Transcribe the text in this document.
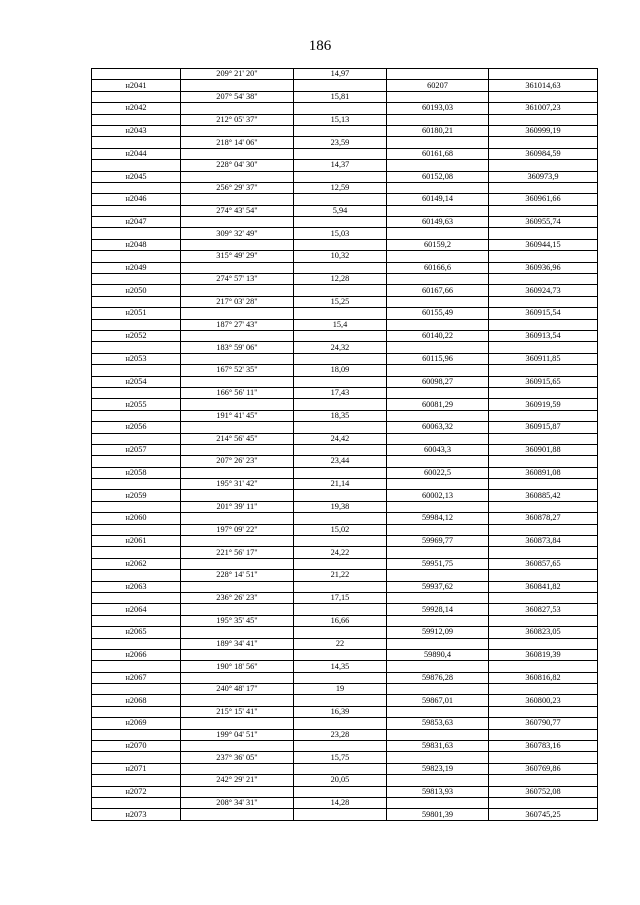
186
	209° 21' 20"	14,97		
н2041			60207	361014,63
	207° 54' 38"	15,81		
н2042			60193,03	361007,23
	212° 05' 37"	15,13		
н2043			60180,21	360999,19
	218° 14' 06"	23,59		
н2044			60161,68	360984,59
	228° 04' 30"	14,37		
н2045			60152,08	360973,9
	256° 29' 37"	12,59		
н2046			60149,14	360961,66
	274° 43' 54"	5,94		
н2047			60149,63	360955,74
	309° 32' 49"	15,03		
н2048			60159,2	360944,15
	315° 49' 29"	10,32		
н2049			60166,6	360936,96
	274° 57' 13"	12,28		
н2050			60167,66	360924,73
	217° 03' 28"	15,25		
н2051			60155,49	360915,54
	187° 27' 43"	15,4		
н2052			60140,22	360913,54
	183° 59' 06"	24,32		
н2053			60115,96	360911,85
	167° 52' 35"	18,09		
н2054			60098,27	360915,65
	166° 56' 11"	17,43		
н2055			60081,29	360919,59
	191° 41' 45"	18,35		
н2056			60063,32	360915,87
	214° 56' 45"	24,42		
н2057			60043,3	360901,88
	207° 26' 23"	23,44		
н2058			60022,5	360891,08
	195° 31' 42"	21,14		
н2059			60002,13	360885,42
	201° 39' 11"	19,38		
н2060			59984,12	360878,27
	197° 09' 22"	15,02		
н2061			59969,77	360873,84
	221° 56' 17"	24,22		
н2062			59951,75	360857,65
	228° 14' 51"	21,22		
н2063			59937,62	360841,82
	236° 26' 23"	17,15		
н2064			59928,14	360827,53
	195° 35' 45"	16,66		
н2065			59912,09	360823,05
	189° 34' 41"	22		
н2066			59890,4	360819,39
	190° 18' 56"	14,35		
н2067			59876,28	360816,82
	240° 48' 17"	19		
н2068			59867,01	360800,23
	215° 15' 41"	16,39		
н2069			59853,63	360790,77
	199° 04' 51"	23,28		
н2070			59831,63	360783,16
	237° 36' 05"	15,75		
н2071			59823,19	360769,86
	242° 29' 21"	20,05		
н2072			59813,93	360752,08
	208° 34' 31"	14,28		
н2073			59801,39	360745,25
